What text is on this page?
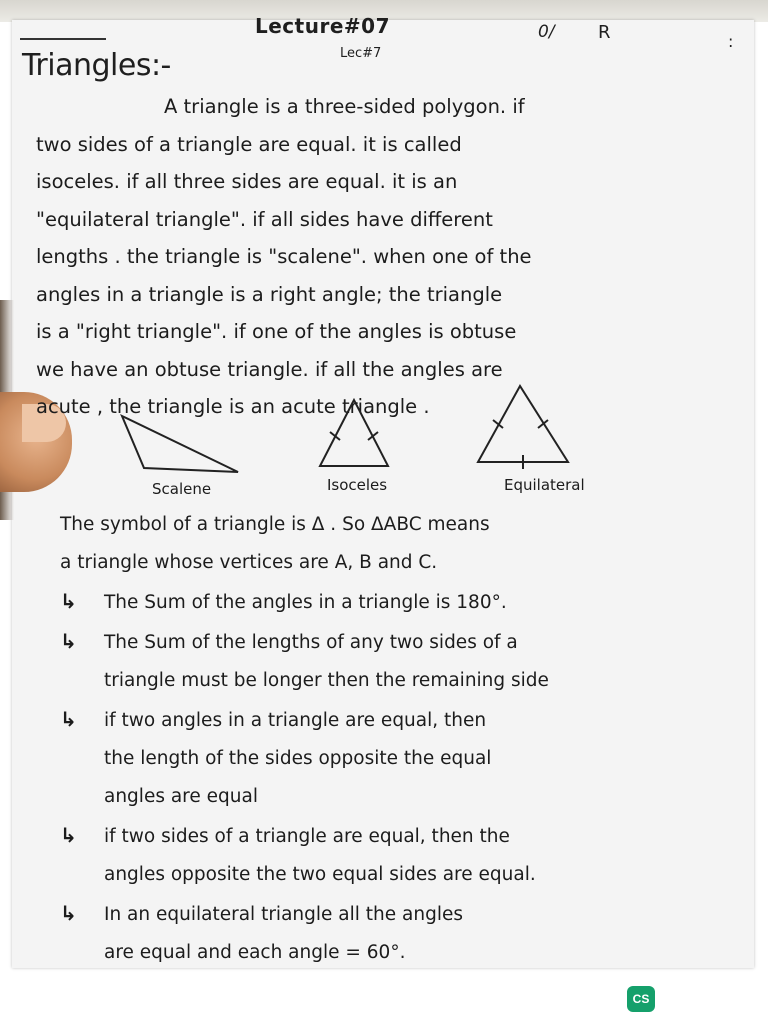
Lecture#07
Lec#7
0/ R	:
Triangles:-
A triangle is a three-sided polygon. if
two sides of a triangle are equal. it is called
isoceles. if all three sides are equal. it is an
"equilateral triangle". if all sides have different
lengths . the triangle is "scalene". when one of the
angles in a triangle is a right angle; the triangle
is a "right triangle". if one of the angles is obtuse
we have an obtuse triangle. if all the angles are
acute , the triangle is an acute triangle .
Scalene	Isoceles	Equilateral
The symbol of a triangle is Δ . So ΔABC means
a triangle whose vertices are A, B and C.
↳	The Sum of the angles in a triangle is 180°.
↳	The Sum of the lengths of any two sides of a
triangle must be longer then the remaining side
↳	if two angles in a triangle are equal, then
the length of the sides opposite the equal
angles are equal
↳	if two sides of a triangle are equal, then the
angles opposite the two equal sides are equal.
↳	In an equilateral triangle all the angles
are equal and each angle = 60°.
CS
